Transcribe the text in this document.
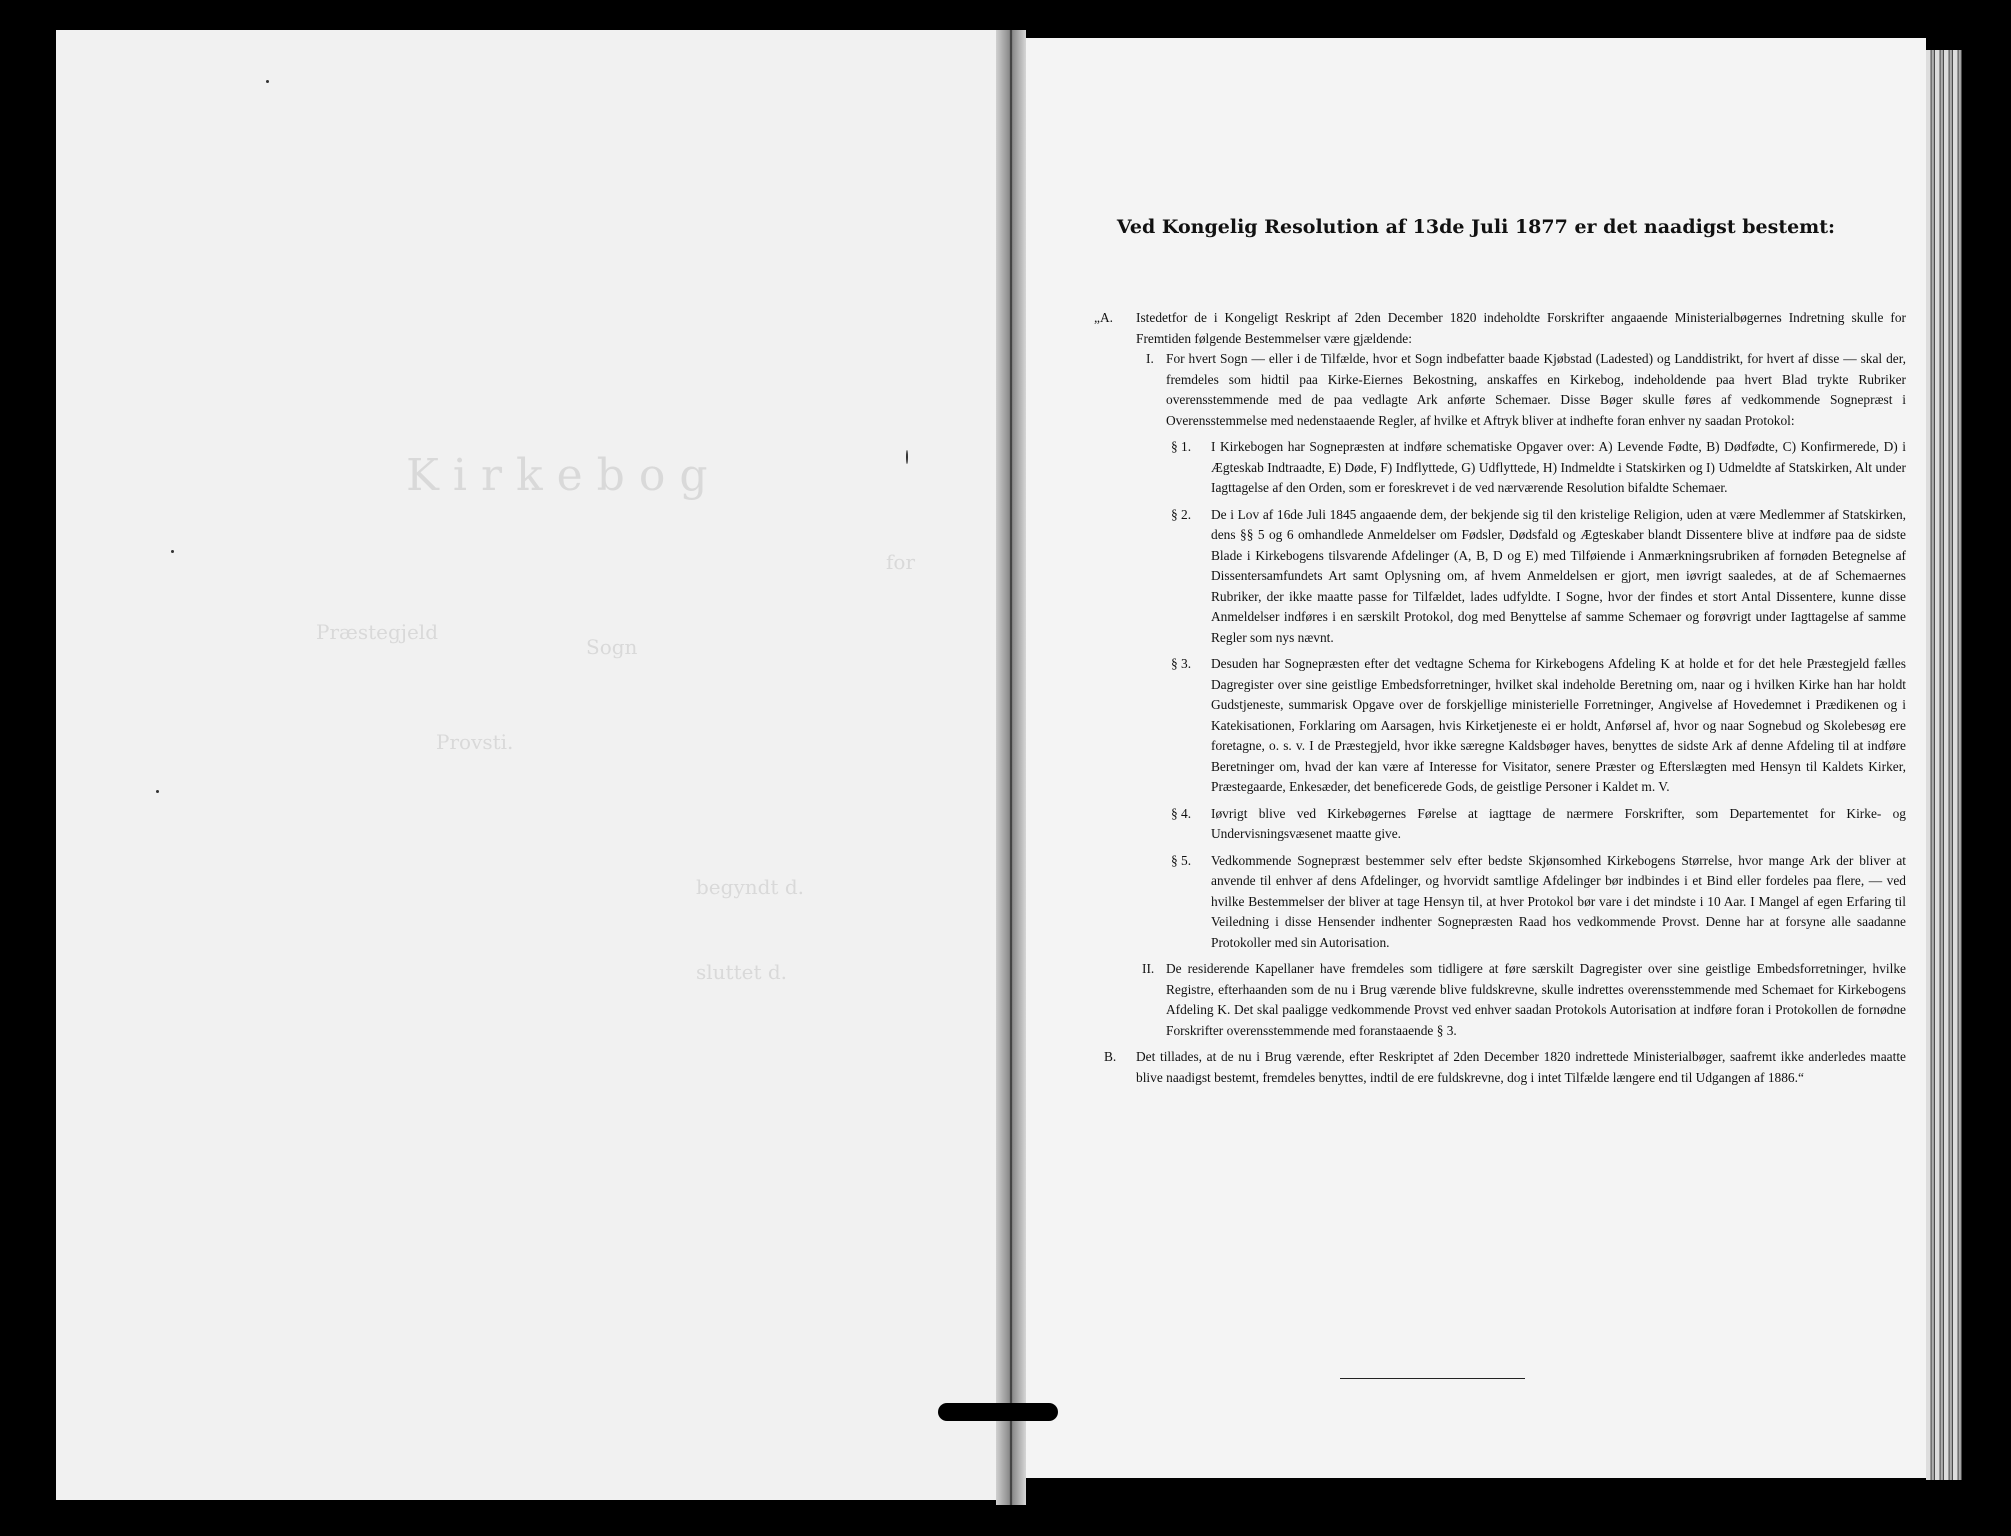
Kirkebog
for
Sogn
Præstegjeld
Provsti.
begyndt d.
sluttet d.
Ved Kongelig Resolution af 13de Juli 1877 er det naadigst bestemt:

„A. Istedetfor de i Kongeligt Reskript af 2den December 1820 indeholdte Forskrifter angaaende Ministerialbøgernes Indretning skulle for Fremtiden følgende Bestemmelser være gjældende:

I. For hvert Sogn — eller i de Tilfælde, hvor et Sogn indbefatter baade Kjøbstad (Ladested) og Landdistrikt, for hvert af disse — skal der, fremdeles som hidtil paa Kirke-Eiernes Bekostning, anskaffes en Kirkebog, indeholdende paa hvert Blad trykte Rubriker overensstemmende med de paa vedlagte Ark anførte Schemaer. Disse Bøger skulle føres af vedkommende Sognepræst i Overensstemmelse med nedenstaaende Regler, af hvilke et Aftryk bliver at indhefte foran enhver ny saadan Protokol:

§ 1. I Kirkebogen har Sognepræsten at indføre schematiske Opgaver over: A) Levende Fødte, B) Dødfødte, C) Konfirmerede, D) i Ægteskab Indtraadte, E) Døde, F) Indflyttede, G) Udflyttede, H) Indmeldte i Statskirken og I) Udmeldte af Statskirken, Alt under Iagttagelse af den Orden, som er foreskrevet i de ved nærværende Resolution bifaldte Schemaer.

§ 2. De i Lov af 16de Juli 1845 angaaende dem, der bekjende sig til den kristelige Religion, uden at være Medlemmer af Statskirken, dens §§ 5 og 6 omhandlede Anmeldelser om Fødsler, Dødsfald og Ægteskaber blandt Dissentere blive at indføre paa de sidste Blade i Kirkebogens tilsvarende Afdelinger (A, B, D og E) med Tilføiende i Anmærkningsrubriken af fornøden Betegnelse af Dissentersamfundets Art samt Oplysning om, af hvem Anmeldelsen er gjort, men iøvrigt saaledes, at de af Schemaernes Rubriker, der ikke maatte passe for Tilfældet, lades udfyldte. I Sogne, hvor der findes et stort Antal Dissentere, kunne disse Anmeldelser indføres i en særskilt Protokol, dog med Benyttelse af samme Schemaer og forøvrigt under Iagttagelse af samme Regler som nys nævnt.

§ 3. Desuden har Sognepræsten efter det vedtagne Schema for Kirkebogens Afdeling K at holde et for det hele Præstegjeld fælles Dagregister over sine geistlige Embedsforretninger, hvilket skal indeholde Beretning om, naar og i hvilken Kirke han har holdt Gudstjeneste, summarisk Opgave over de forskjellige ministerielle Forretninger, Angivelse af Hovedemnet i Prædikenen og i Katekisationen, Forklaring om Aarsagen, hvis Kirketjeneste ei er holdt, Anførsel af, hvor og naar Sognebud og Skolebesøg ere foretagne, o. s. v. I de Præstegjeld, hvor ikke særegne Kaldsbøger haves, benyttes de sidste Ark af denne Afdeling til at indføre Beretninger om, hvad der kan være af Interesse for Visitator, senere Præster og Efterslægten med Hensyn til Kaldets Kirker, Præstegaarde, Enkesæder, det beneficerede Gods, de geistlige Personer i Kaldet m. V.

§ 4. Iøvrigt blive ved Kirkebøgernes Førelse at iagttage de nærmere Forskrifter, som Departementet for Kirke- og Undervisningsvæsenet maatte give.

§ 5. Vedkommende Sognepræst bestemmer selv efter bedste Skjønsomhed Kirkebogens Størrelse, hvor mange Ark der bliver at anvende til enhver af dens Afdelinger, og hvorvidt samtlige Afdelinger bør indbindes i et Bind eller fordeles paa flere, — ved hvilke Bestemmelser der bliver at tage Hensyn til, at hver Protokol bør vare i det mindste i 10 Aar. I Mangel af egen Erfaring til Veiledning i disse Hensender indhenter Sognepræsten Raad hos vedkommende Provst. Denne har at forsyne alle saadanne Protokoller med sin Autorisation.

II. De residerende Kapellaner have fremdeles som tidligere at føre særskilt Dagregister over sine geistlige Embedsforretninger, hvilke Registre, efterhaanden som de nu i Brug værende blive fuldskrevne, skulle indrettes overensstemmende med Schemaet for Kirkebogens Afdeling K. Det skal paaligge vedkommende Provst ved enhver saadan Protokols Autorisation at indføre foran i Protokollen de fornødne Forskrifter overensstemmende med foranstaaende § 3.

B. Det tillades, at de nu i Brug værende, efter Reskriptet af 2den December 1820 indrettede Ministerialbøger, saafremt ikke anderledes maatte blive naadigst bestemt, fremdeles benyttes, indtil de ere fuldskrevne, dog i intet Tilfælde længere end til Udgangen af 1886.“
